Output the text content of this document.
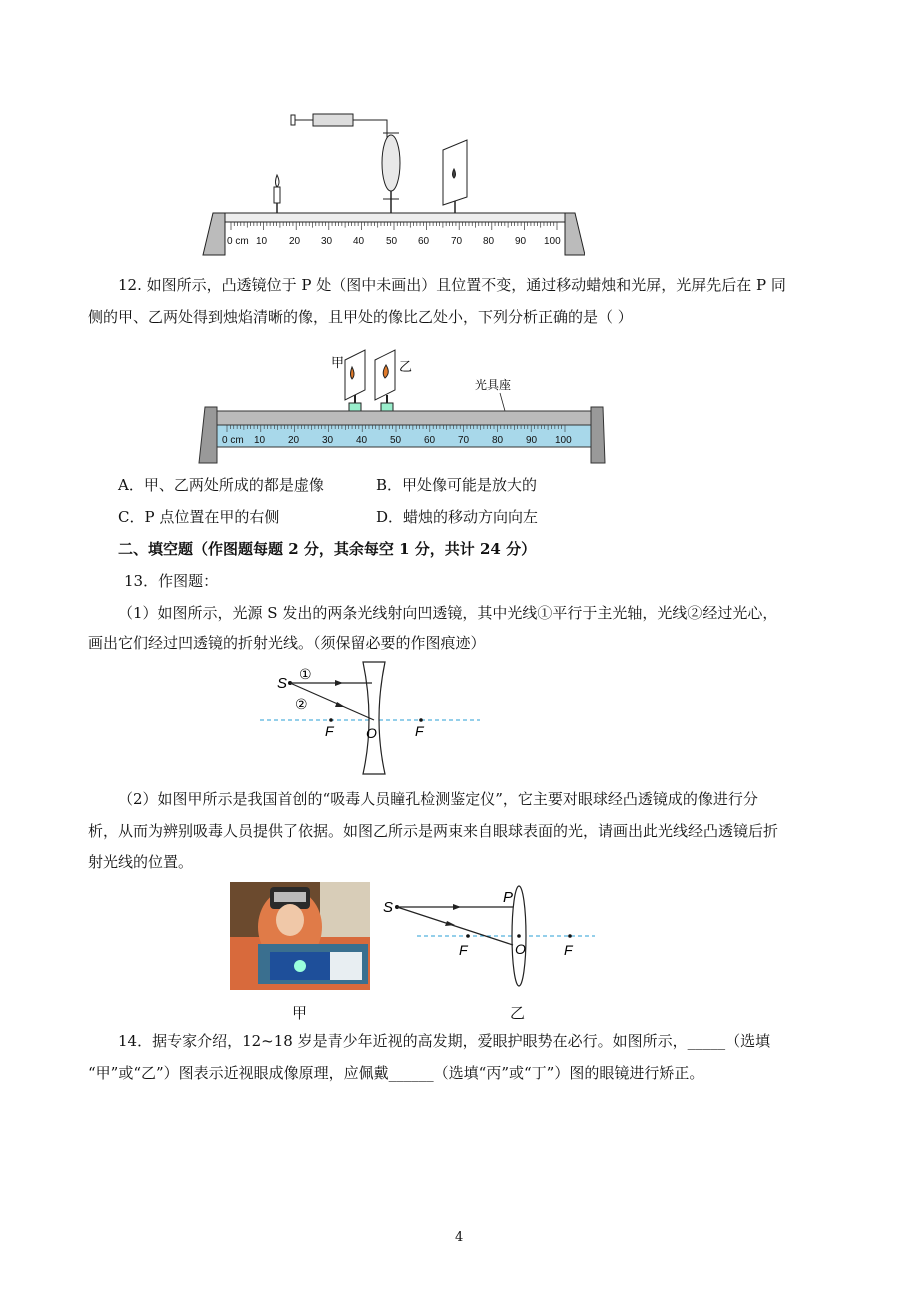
0 cm 10 20 30 40 50 60 70 80 90 100
12. 如图所示，凸透镜位于 P 处（图中未画出）且位置不变，通过移动蜡烛和光屏，光屏先后在 P 同
侧的甲、乙两处得到烛焰清晰的像，且甲处的像比乙处小，下列分析正确的是（ ）
甲	乙
光具座
0 cm 10 20 30 40 50 60 70 80 90 100
A．甲、乙两处所成的都是虚像	B．甲处像可能是放大的
C．P 点位置在甲的右侧	D．蜡烛的移动方向向左
二、填空题（作图题每题 2 分，其余每空 1 分，共计 24 分）
13．作图题：
（1）如图所示，光源 S 发出的两条光线射向凹透镜，其中光线①平行于主光轴，光线②经过光心，
画出它们经过凹透镜的折射光线。（须保留必要的作图痕迹）
S
①
②
F O	F
（2）如图甲所示是我国首创的“吸毒人员瞳孔检测鉴定仪”，它主要对眼球经凸透镜成的像进行分
析，从而为辨别吸毒人员提供了依据。如图乙所示是两束来自眼球表面的光，请画出此光线经凸透镜后折
射光线的位置。
甲
S
P
F	O	F
乙
14．据专家介绍，12~18 岁是青少年近视的高发期，爱眼护眼势在必行。如图所示，_____（选填
“甲”或“乙”）图表示近视眼成像原理，应佩戴______（选填“丙”或“丁”）图的眼镜进行矫正。
4
